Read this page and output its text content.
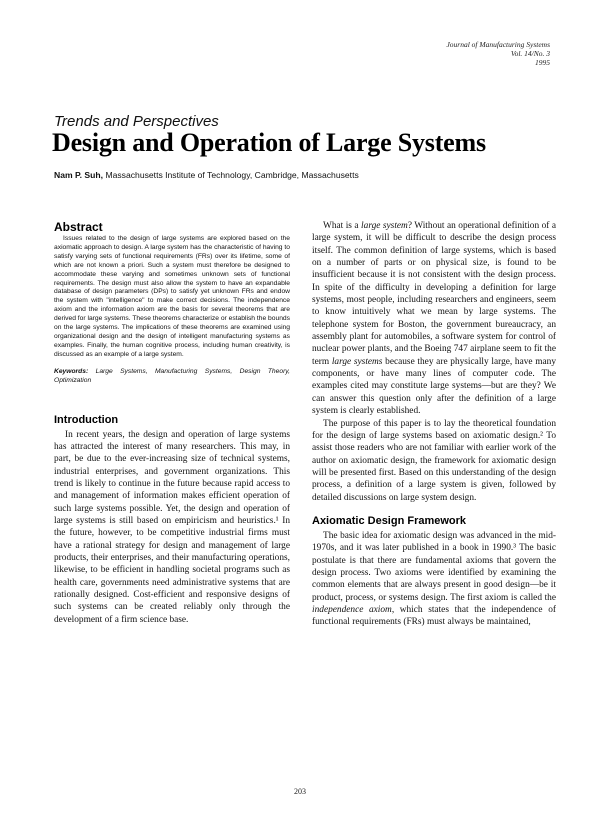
Journal of Manufacturing Systems
Vol. 14/No. 3
1995
Trends and Perspectives
Design and Operation of Large Systems
Nam P. Suh, Massachusetts Institute of Technology, Cambridge, Massachusetts
Abstract

Issues related to the design of large systems are explored based on the axiomatic approach to design. A large system has the characteristic of having to satisfy varying sets of functional requirements (FRs) over its lifetime, some of which are not known a priori. Such a system must therefore be designed to accommodate these varying and sometimes unknown sets of functional requirements. The design must also allow the system to have an expandable database of design parameters (DPs) to satisfy yet unknown FRs and endow the system with "intelligence" to make correct decisions. The independence axiom and the information axiom are the basis for several theorems that are derived for large systems. These theorems characterize or establish the bounds on the large systems. The implications of these theorems are examined using organizational design and the design of intelligent manufacturing systems as examples. Finally, the human cognitive process, including human creativity, is discussed as an example of a large system.

Keywords: Large Systems, Manufacturing Systems, Design Theory, Optimization

Introduction

In recent years, the design and operation of large systems has attracted the interest of many researchers. This may, in part, be due to the ever-increasing size of technical systems, industrial enterprises, and government organizations. This trend is likely to continue in the future because rapid access to and management of information makes efficient operation of such large systems possible. Yet, the design and operation of large systems is still based on empiricism and heuristics.¹ In the future, however, to be competitive industrial firms must have a rational strategy for design and management of large products, their enterprises, and their manufacturing operations, likewise, to be efficient in handling societal programs such as health care, governments need administrative systems that are rationally designed. Cost-efficient and responsive designs of such systems can be created reliably only through the development of a firm science base.

What is a large system? Without an operational definition of a large system, it will be difficult to describe the design process itself. The common definition of large systems, which is based on a number of parts or on physical size, is found to be insufficient because it is not consistent with the design process. In spite of the difficulty in developing a definition for large systems, most people, including researchers and engineers, seem to know intuitively what we mean by large systems. The telephone system for Boston, the government bureaucracy, an assembly plant for automobiles, a software system for control of nuclear power plants, and the Boeing 747 airplane seem to fit the term large systems because they are physically large, have many components, or have many lines of computer code. The examples cited may constitute large systems—but are they? We can answer this question only after the definition of a large system is clearly established.

The purpose of this paper is to lay the theoretical foundation for the design of large systems based on axiomatic design.² To assist those readers who are not familiar with earlier work of the author on axiomatic design, the framework for axiomatic design will be presented first. Based on this understanding of the design process, a definition of a large system is given, followed by detailed discussions on large system design.

Axiomatic Design Framework

The basic idea for axiomatic design was advanced in the mid-1970s, and it was later published in a book in 1990.³ The basic postulate is that there are fundamental axioms that govern the design process. Two axioms were identified by examining the common elements that are always present in good design—be it product, process, or systems design. The first axiom is called the independence axiom, which states that the independence of functional requirements (FRs) must always be maintained,

203
